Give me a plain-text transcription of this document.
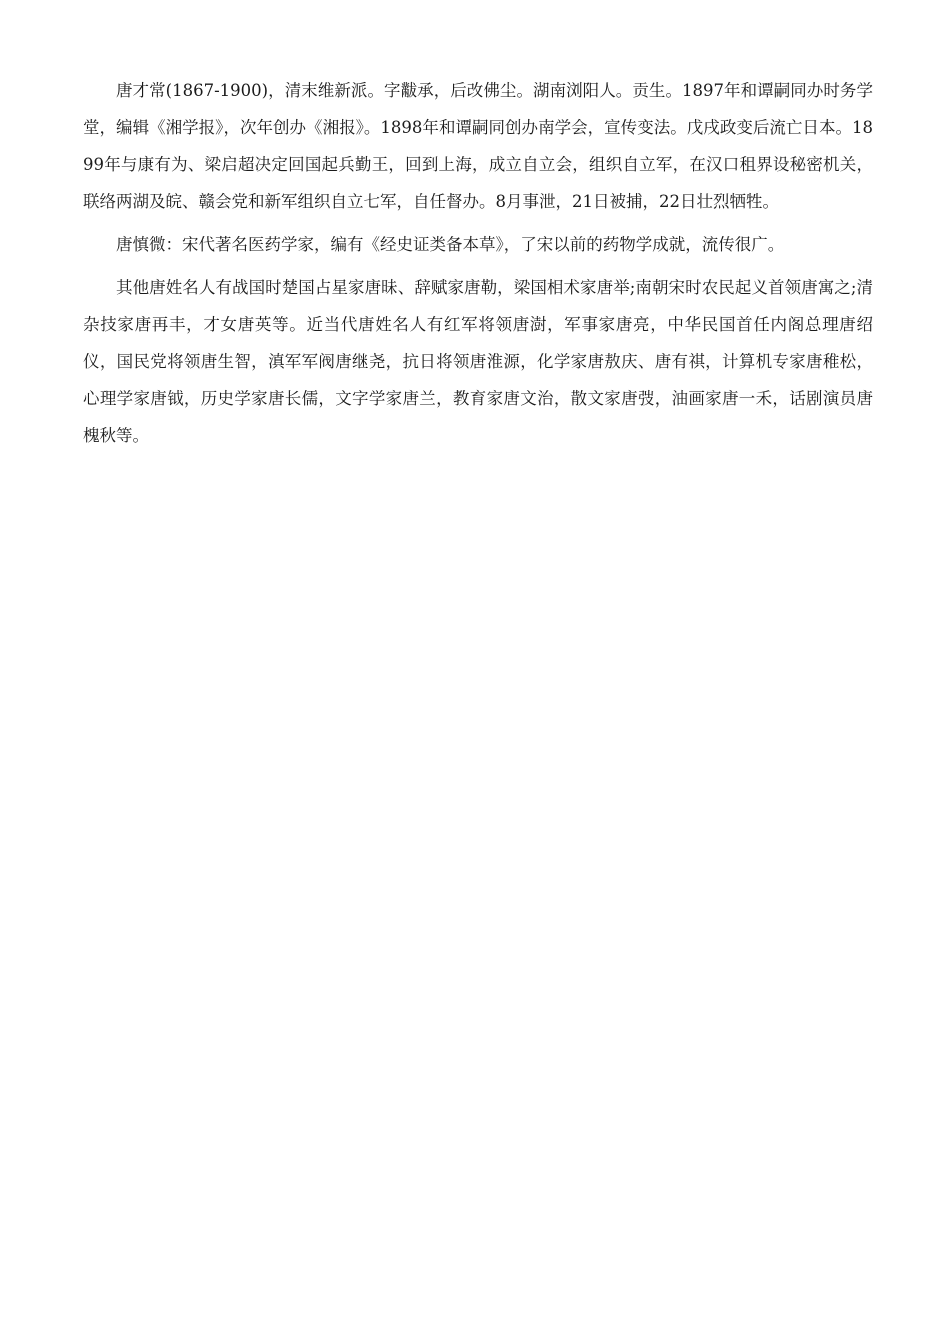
唐才常(1867-1900)，清末维新派。字黻承，后改佛尘。湖南浏阳人。贡生。1897年和谭嗣同办时务学堂，编辑《湘学报》，次年创办《湘报》。1898年和谭嗣同创办南学会，宣传变法。戊戌政变后流亡日本。1899年与康有为、梁启超决定回国起兵勤王，回到上海，成立自立会，组织自立军，在汉口租界设秘密机关，联络两湖及皖、赣会党和新军组织自立七军，自任督办。8月事泄，21日被捕，22日壮烈牺牲。

唐慎微：宋代著名医药学家，编有《经史证类备本草》，了宋以前的药物学成就，流传很广。

其他唐姓名人有战国时楚国占星家唐昧、辞赋家唐勒，梁国相术家唐举;南朝宋时农民起义首领唐寓之;清杂技家唐再丰，才女唐英等。近当代唐姓名人有红军将领唐澍，军事家唐亮，中华民国首任内阁总理唐绍仪，国民党将领唐生智，滇军军阀唐继尧，抗日将领唐淮源，化学家唐敖庆、唐有祺，计算机专家唐稚松，心理学家唐钺，历史学家唐长儒，文字学家唐兰，教育家唐文治，散文家唐弢，油画家唐一禾，话剧演员唐槐秋等。
